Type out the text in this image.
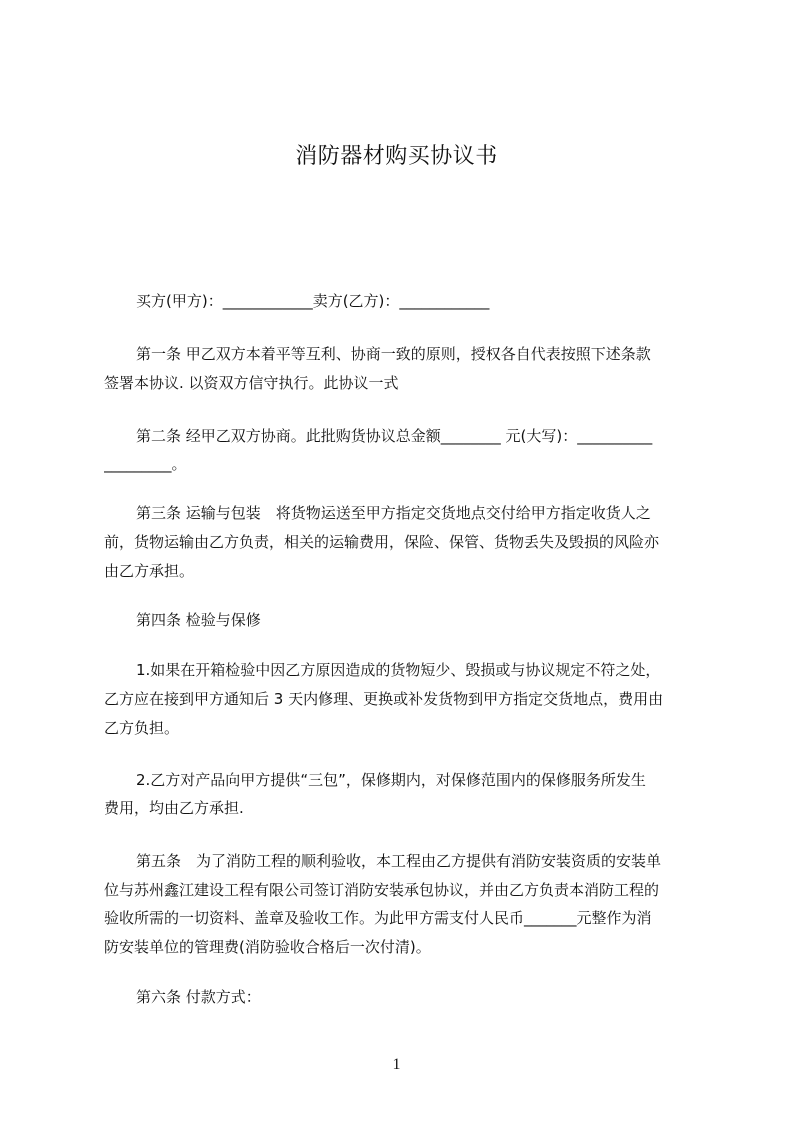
消防器材购买协议书
买方(甲方)：____________卖方(乙方)：____________
第一条 甲乙双方本着平等互利、协商一致的原则，授权各自代表按照下述条款
签署本协议. 以资双方信守执行。此协议一式
第二条 经甲乙双方协商。此批购货协议总金额________ 元(大写)：__________
_________。
第三条 运输与包装　将货物运送至甲方指定交货地点交付给甲方指定收货人之
前，货物运输由乙方负责，相关的运输费用，保险、保管、货物丢失及毁损的风险亦
由乙方承担。
第四条 检验与保修
1.如果在开箱检验中因乙方原因造成的货物短少、毁损或与协议规定不符之处，
乙方应在接到甲方通知后 3 天内修理、更换或补发货物到甲方指定交货地点，费用由
乙方负担。
2.乙方对产品向甲方提供“三包”，保修期内，对保修范围内的保修服务所发生
费用，均由乙方承担.
第五条　为了消防工程的顺利验收，本工程由乙方提供有消防安装资质的安装单
位与苏州鑫江建设工程有限公司签订消防安装承包协议，并由乙方负责本消防工程的
验收所需的一切资料、盖章及验收工作。为此甲方需支付人民币_______元整作为消
防安装单位的管理费(消防验收合格后一次付清)。
第六条 付款方式：
1
